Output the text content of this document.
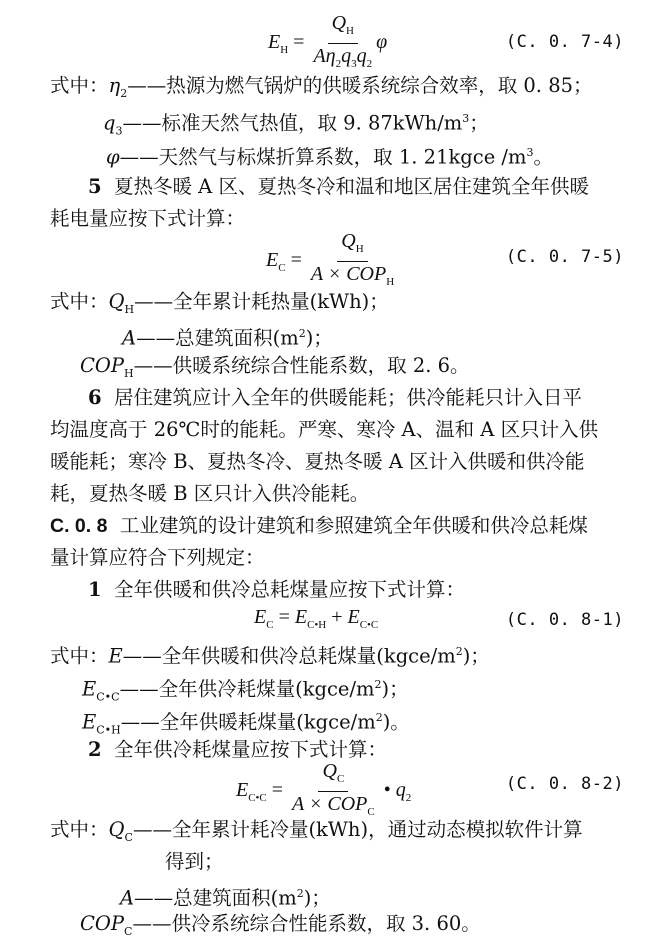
$E_H = \frac{Q_H}{A\eta_2q_3q_2}$ φ	(C. 0. 7-4)
式中：$\eta_2——$热源为燃气锅炉的供暖系统综合效率，取 0. 85；
$q_3——$标准天然气热值，取 9. $87kWh/m^3$；
φ——天然气与标煤折算系数，取 1. 21kgce $/m^3$。
5 夏热冬暖 A 区、夏热冬冷和温和地区居住建筑全年供暖
耗电量应按下式计算：
$E_C = \frac{Q_H}{A \times COP_H}$	(C. 0. 7-5)
式中：$Q_H——$全年累计耗热量(kWh)；
A——总建筑面积$(m^2)$；
$COP_H——$供暖系统综合性能系数，取 2. 6。
6 居住建筑应计入全年的供暖能耗；供冷能耗只计入日平
均温度高于 26℃时的能耗。严寒、寒冷 A、温和 A 区只计入供
暖能耗；寒冷 B、夏热冬冷、夏热冬暖 A 区计入供暖和供冷能
耗，夏热冬暖 B 区只计入供冷能耗。
C. 0. 8 工业建筑的设计建筑和参照建筑全年供暖和供冷总耗煤
量计算应符合下列规定：
1 全年供暖和供冷总耗煤量应按下式计算：
$E_C = E_{C•H} + E_{C•C}$	(C. 0. 8-1)
式中：E——全年供暖和供冷总耗煤量$(kgce/m^2)$；
$E_{C•C}——$全年供冷耗煤量$(kgce/m^2)$；
$E_{C•H}——$全年供暖耗煤量$(kgce/m^2)$。
2 全年供冷耗煤量应按下式计算：
$E_{C•C} = \frac{Q_C}{A \times COP_C}$ • $q_2$
(C. 0. 8-2)
式中：$Q_C——$全年累计耗冷量(kWh)，通过动态模拟软件计算
得到；
A——总建筑面积$(m^2)$；
$COP_C——$供冷系统综合性能系数，取 3. 60。
